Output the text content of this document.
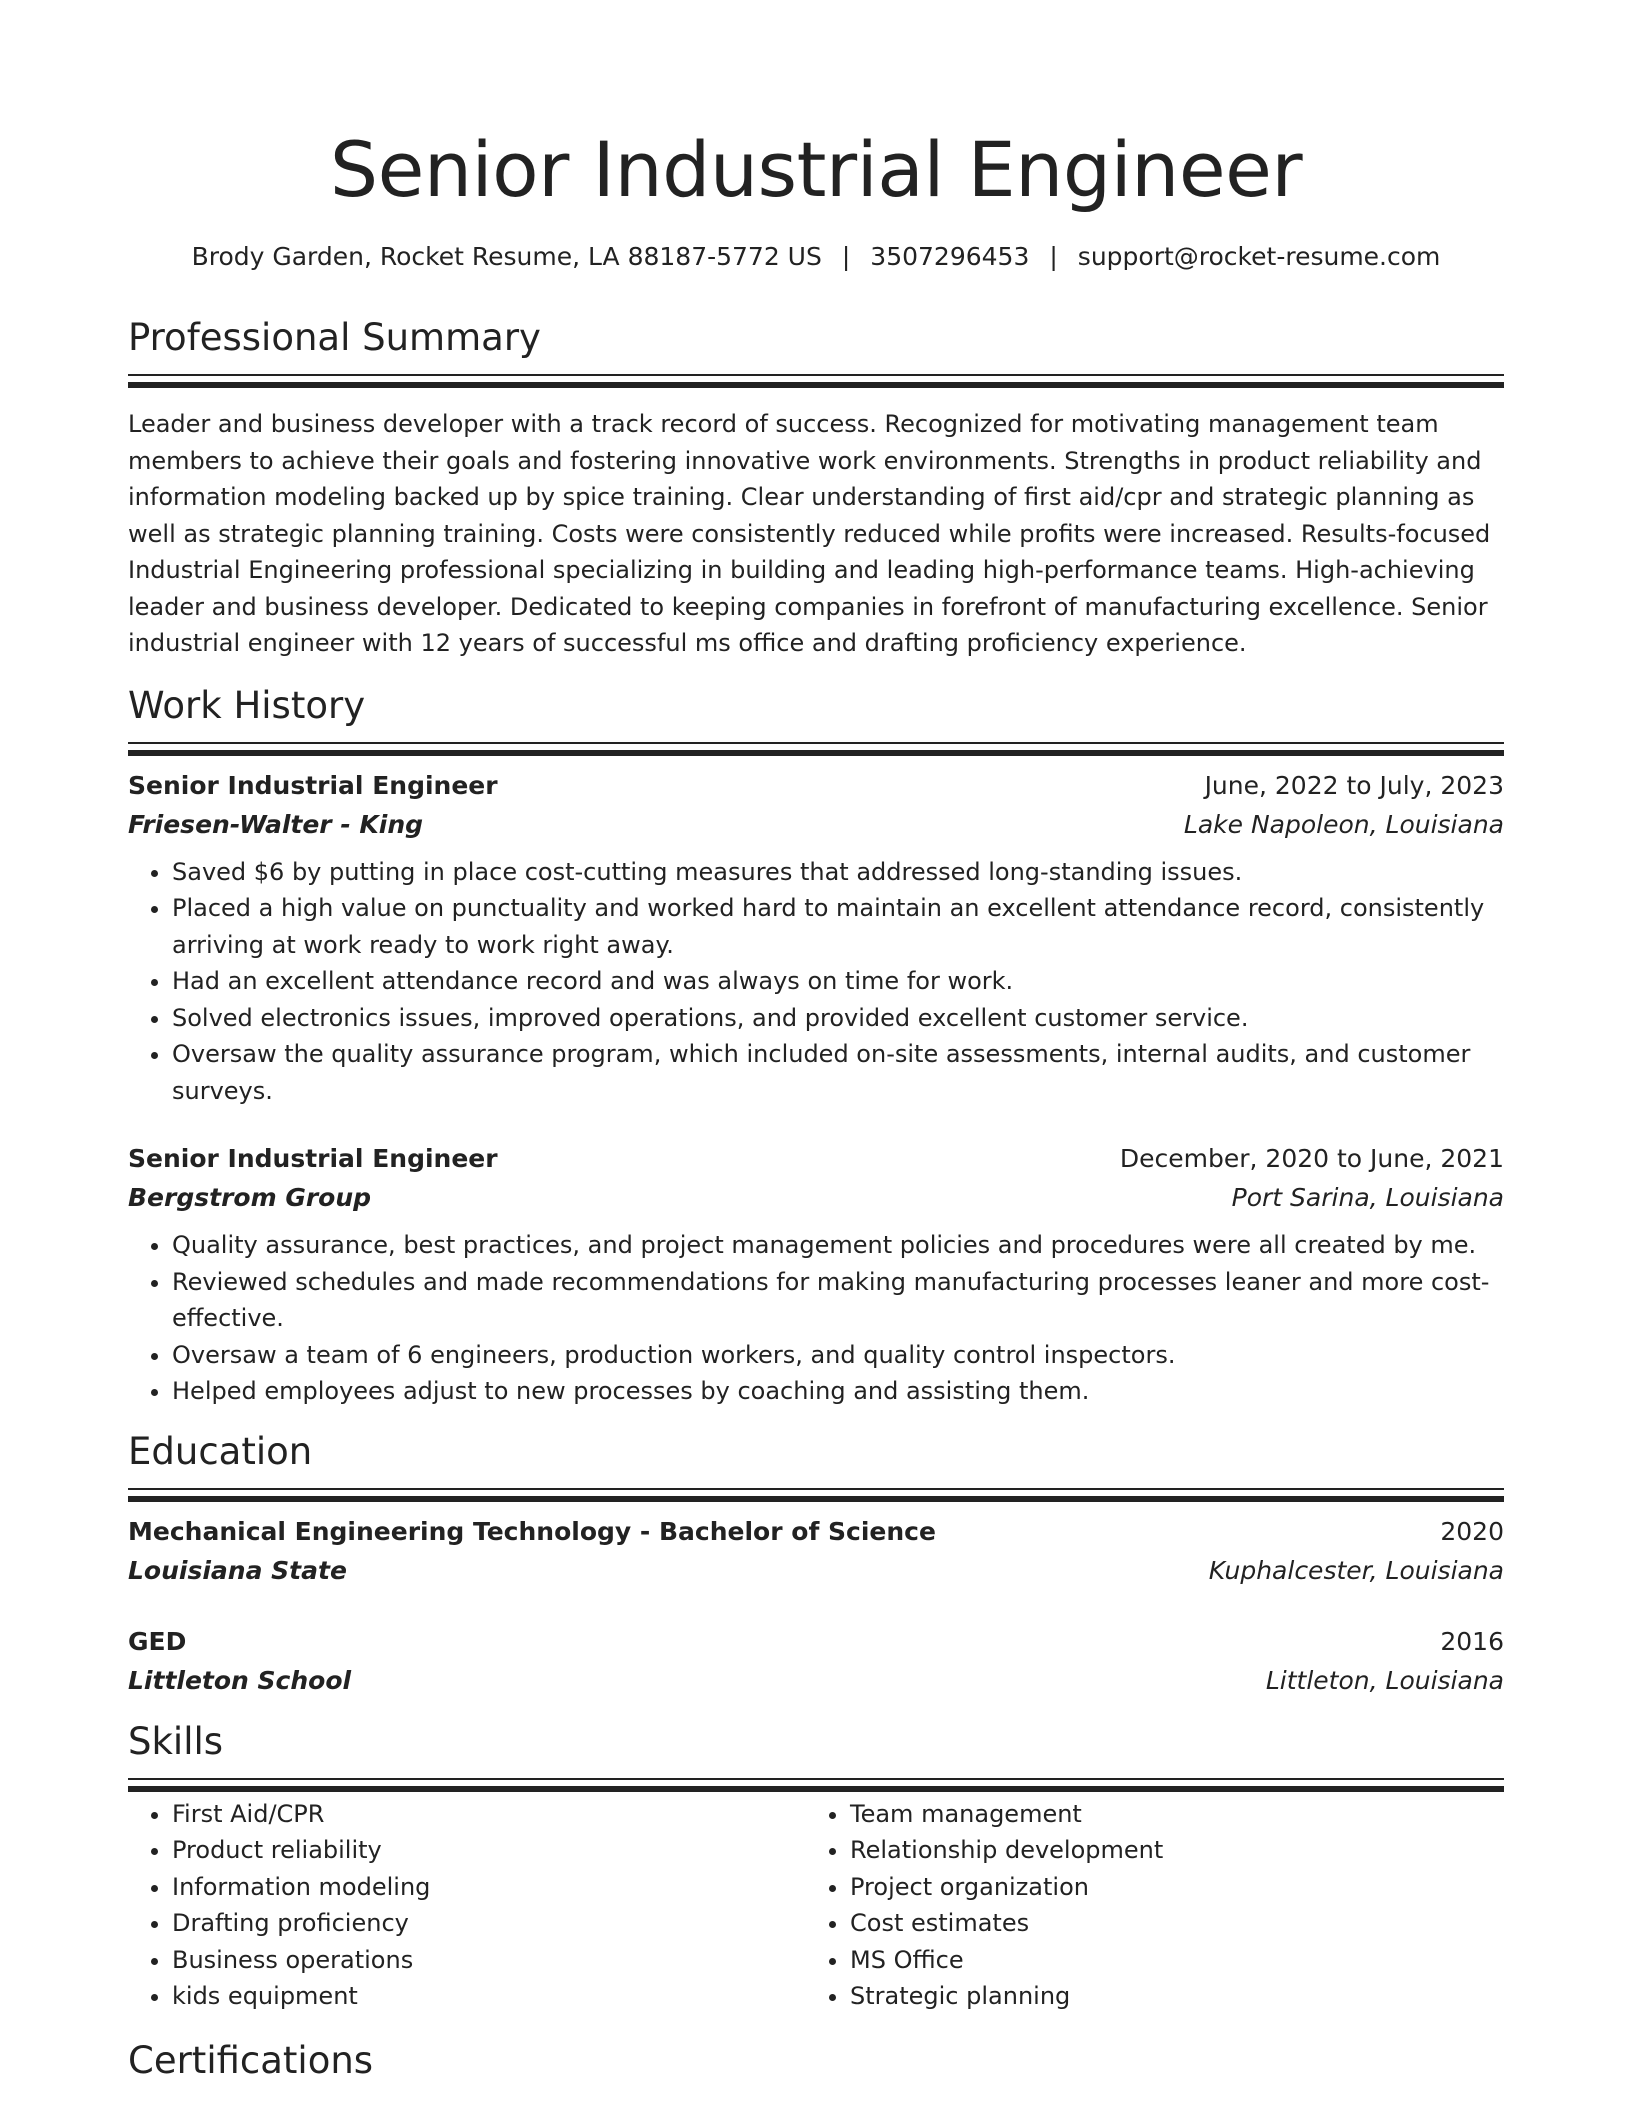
Senior Industrial Engineer
Brody Garden, Rocket Resume, LA 88187-5772 US | 3507296453 | support@rocket-resume.com
Professional Summary

Leader and business developer with a track record of success. Recognized for motivating management team members to achieve their goals and fostering innovative work environments. Strengths in product reliability and information modeling backed up by spice training. Clear understanding of first aid/cpr and strategic planning as well as strategic planning training. Costs were consistently reduced while profits were increased. Results-focused Industrial Engineering professional specializing in building and leading high-performance teams. High-achieving leader and business developer. Dedicated to keeping companies in forefront of manufacturing excellence. Senior industrial engineer with 12 years of successful ms office and drafting proficiency experience.

Work History
Senior Industrial Engineer	June, 2022 to July, 2023
Friesen-Walter - King	Lake Napoleon, Louisiana
• Saved $6 by putting in place cost-cutting measures that addressed long-standing issues.
• Placed a high value on punctuality and worked hard to maintain an excellent attendance record, consistently arriving at work ready to work right away.
• Had an excellent attendance record and was always on time for work.
• Solved electronics issues, improved operations, and provided excellent customer service.
• Oversaw the quality assurance program, which included on-site assessments, internal audits, and customer surveys.
Senior Industrial Engineer	December, 2020 to June, 2021
Bergstrom Group	Port Sarina, Louisiana
• Quality assurance, best practices, and project management policies and procedures were all created by me.
• Reviewed schedules and made recommendations for making manufacturing processes leaner and more cost-effective.
• Oversaw a team of 6 engineers, production workers, and quality control inspectors.
• Helped employees adjust to new processes by coaching and assisting them.
Education
Mechanical Engineering Technology - Bachelor of Science	2020
Louisiana State	Kuphalcester, Louisiana
GED	2016
Littleton School	Littleton, Louisiana
Skills
• First Aid/CPR
• Product reliability
• Information modeling
• Drafting proficiency
• Business operations
• kids equipment
• Team management
• Relationship development
• Project organization
• Cost estimates
• MS Office
• Strategic planning
Certifications
